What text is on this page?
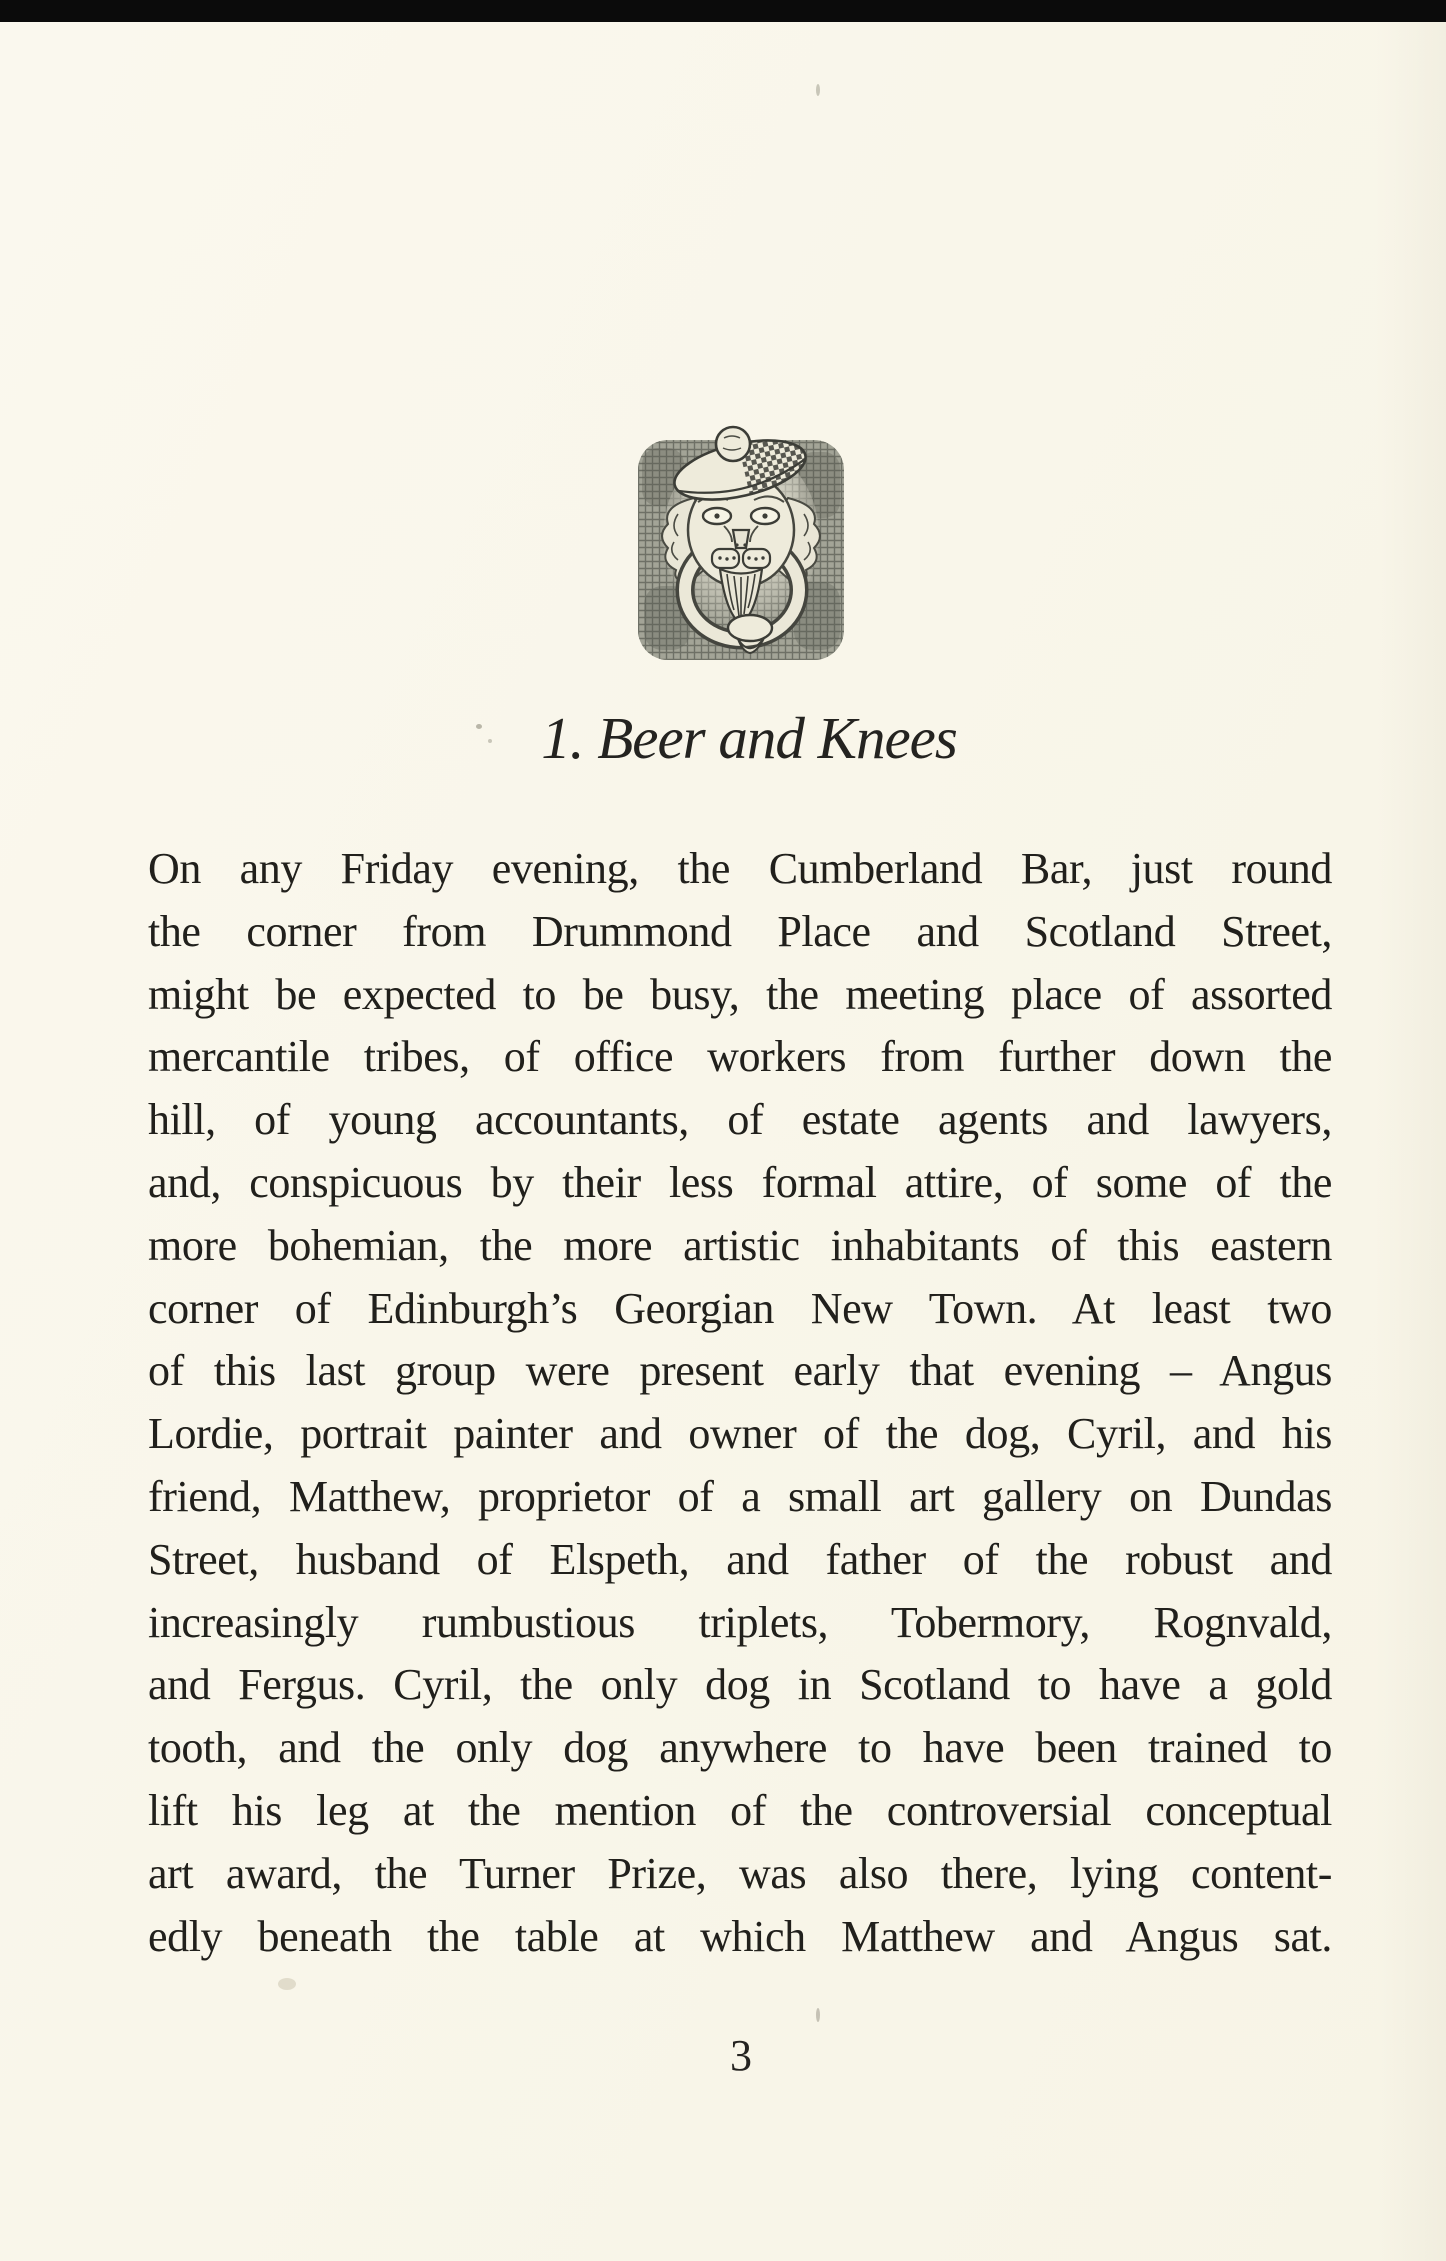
1. Beer and Knees
On any Friday evening, the Cumberland Bar, just round
the corner from Drummond Place and Scotland Street,
might be expected to be busy, the meeting place of assorted
mercantile tribes, of office workers from further down the
hill, of young accountants, of estate agents and lawyers,
and, conspicuous by their less formal attire, of some of the
more bohemian, the more artistic inhabitants of this eastern
corner of Edinburgh’s Georgian New Town. At least two
of this last group were present early that evening – Angus
Lordie, portrait painter and owner of the dog, Cyril, and his
friend, Matthew, proprietor of a small art gallery on Dundas
Street, husband of Elspeth, and father of the robust and
increasingly rumbustious triplets, Tobermory, Rognvald,
and Fergus. Cyril, the only dog in Scotland to have a gold
tooth, and the only dog anywhere to have been trained to
lift his leg at the mention of the controversial conceptual
art award, the Turner Prize, was also there, lying content-
edly beneath the table at which Matthew and Angus sat.
3
